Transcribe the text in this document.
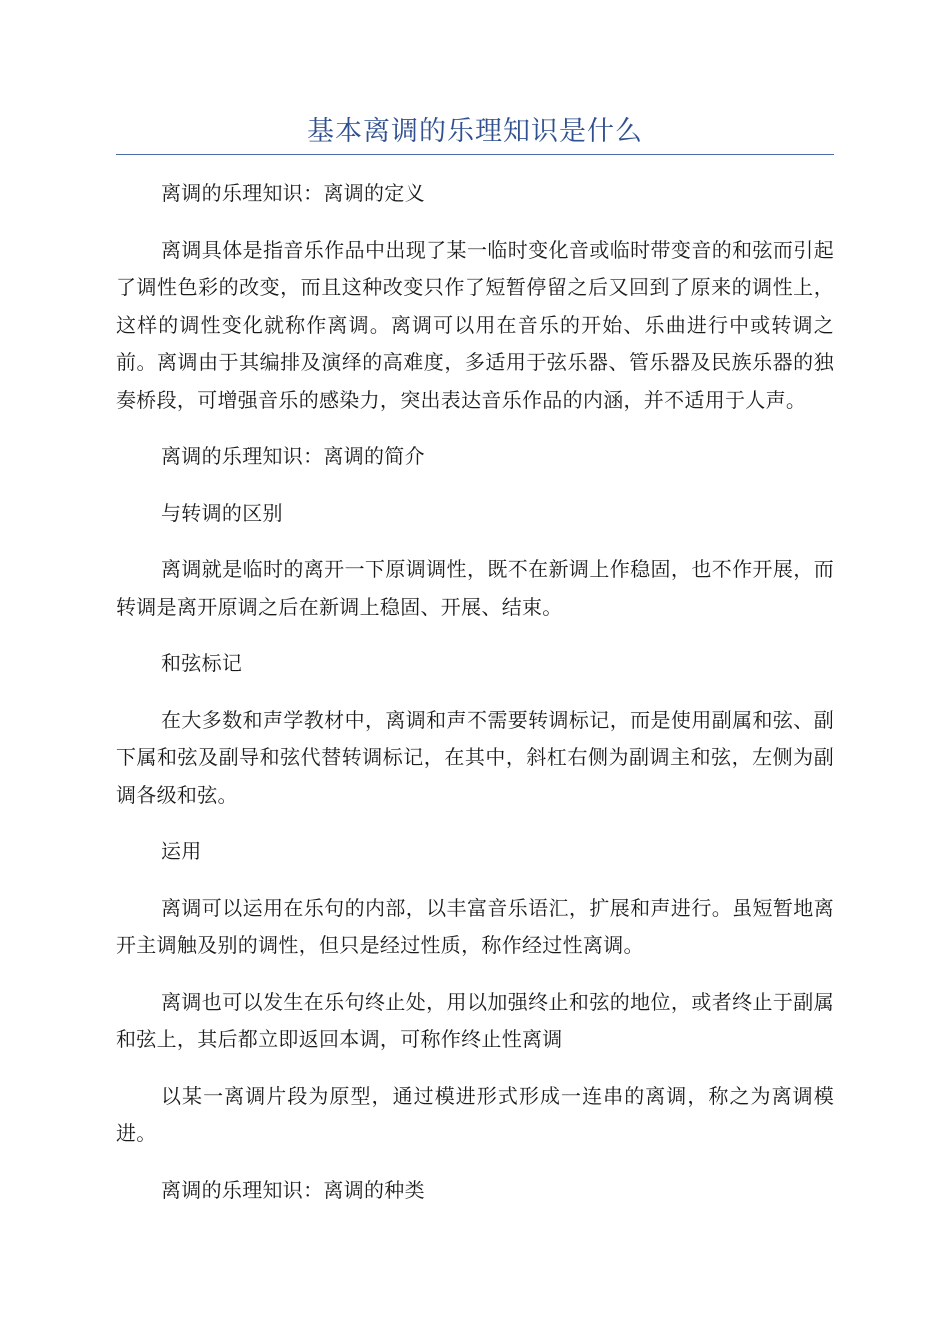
基本离调的乐理知识是什么

离调的乐理知识：离调的定义

离调具体是指音乐作品中出现了某一临时变化音或临时带变音的和弦而引起了调性色彩的改变，而且这种改变只作了短暂停留之后又回到了原来的调性上，这样的调性变化就称作离调。离调可以用在音乐的开始、乐曲进行中或转调之前。离调由于其编排及演绎的高难度，多适用于弦乐器、管乐器及民族乐器的独奏桥段，可增强音乐的感染力，突出表达音乐作品的内涵，并不适用于人声。

离调的乐理知识：离调的简介

与转调的区别

离调就是临时的离开一下原调调性，既不在新调上作稳固，也不作开展，而转调是离开原调之后在新调上稳固、开展、结束。

和弦标记

在大多数和声学教材中，离调和声不需要转调标记，而是使用副属和弦、副下属和弦及副导和弦代替转调标记，在其中，斜杠右侧为副调主和弦，左侧为副调各级和弦。

运用

离调可以运用在乐句的内部，以丰富音乐语汇，扩展和声进行。虽短暂地离开主调触及别的调性，但只是经过性质，称作经过性离调。

离调也可以发生在乐句终止处，用以加强终止和弦的地位，或者终止于副属和弦上，其后都立即返回本调，可称作终止性离调

以某一离调片段为原型，通过模进形式形成一连串的离调，称之为离调模进。

离调的乐理知识：离调的种类
